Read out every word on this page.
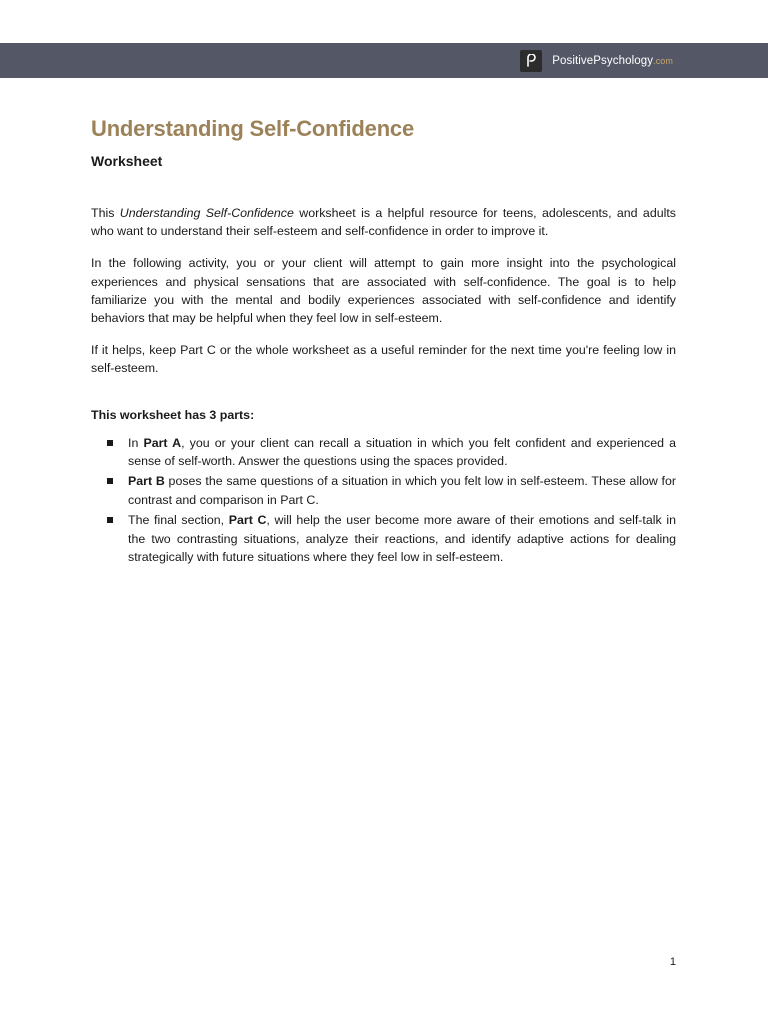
PositivePsychology.com
Understanding Self-Confidence
Worksheet

This Understanding Self-Confidence worksheet is a helpful resource for teens, adolescents, and adults who want to understand their self-esteem and self-confidence in order to improve it.

In the following activity, you or your client will attempt to gain more insight into the psychological experiences and physical sensations that are associated with self-confidence. The goal is to help familiarize you with the mental and bodily experiences associated with self-confidence and identify behaviors that may be helpful when they feel low in self-esteem.

If it helps, keep Part C or the whole worksheet as a useful reminder for the next time you're feeling low in self-esteem.

This worksheet has 3 parts:
In Part A, you or your client can recall a situation in which you felt confident and experienced a sense of self-worth. Answer the questions using the spaces provided.
Part B poses the same questions of a situation in which you felt low in self-esteem. These allow for contrast and comparison in Part C.
The final section, Part C, will help the user become more aware of their emotions and self-talk in the two contrasting situations, analyze their reactions, and identify adaptive actions for dealing strategically with future situations where they feel low in self-esteem.
1
